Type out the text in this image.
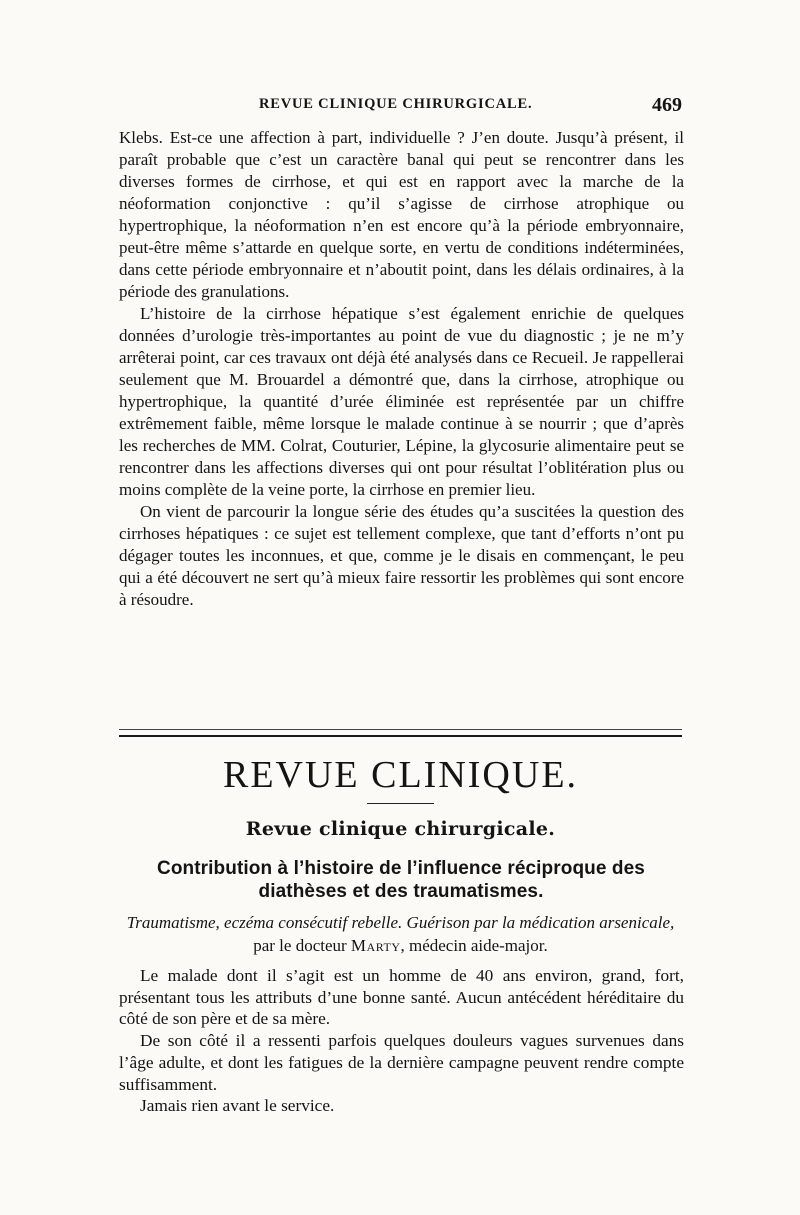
REVUE CLINIQUE CHIRURGICALE.	469

Klebs. Est-ce une affection à part, individuelle ? J’en doute. Jusqu’à présent, il paraît probable que c’est un caractère banal qui peut se rencontrer dans les diverses formes de cirrhose, et qui est en rapport avec la marche de la néoformation conjonctive : qu’il s’agisse de cirrhose atrophique ou hypertrophique, la néoformation n’en est encore qu’à la période embryonnaire, peut-être même s’attarde en quelque sorte, en vertu de conditions indéterminées, dans cette période embryonnaire et n’aboutit point, dans les délais ordinaires, à la période des granulations.

L’histoire de la cirrhose hépatique s’est également enrichie de quelques données d’urologie très-importantes au point de vue du diagnostic ; je ne m’y arrêterai point, car ces travaux ont déjà été analysés dans ce Recueil. Je rappellerai seulement que M. Brouardel a démontré que, dans la cirrhose, atrophique ou hypertrophique, la quantité d’urée éliminée est représentée par un chiffre extrêmement faible, même lorsque le malade continue à se nourrir ; que d’après les recherches de MM. Colrat, Couturier, Lépine, la glycosurie alimentaire peut se rencontrer dans les affections diverses qui ont pour résultat l’oblitération plus ou moins complète de la veine porte, la cirrhose en premier lieu.

On vient de parcourir la longue série des études qu’a suscitées la question des cirrhoses hépatiques : ce sujet est tellement complexe, que tant d’efforts n’ont pu dégager toutes les inconnues, et que, comme je le disais en commençant, le peu qui a été découvert ne sert qu’à mieux faire ressortir les problèmes qui sont encore à résoudre.

REVUE CLINIQUE.
Revue clinique chirurgicale.
Contribution à l’histoire de l’influence réciproque des diathèses et des traumatismes.
Traumatisme, eczéma consécutif rebelle. Guérison par la médication arsenicale, par le docteur Marty, médecin aide-major.

Le malade dont il s’agit est un homme de 40 ans environ, grand, fort, présentant tous les attributs d’une bonne santé. Aucun antécédent héréditaire du côté de son père et de sa mère.

De son côté il a ressenti parfois quelques douleurs vagues survenues dans l’âge adulte, et dont les fatigues de la dernière campagne peuvent rendre compte suffisamment.

Jamais rien avant le service.
